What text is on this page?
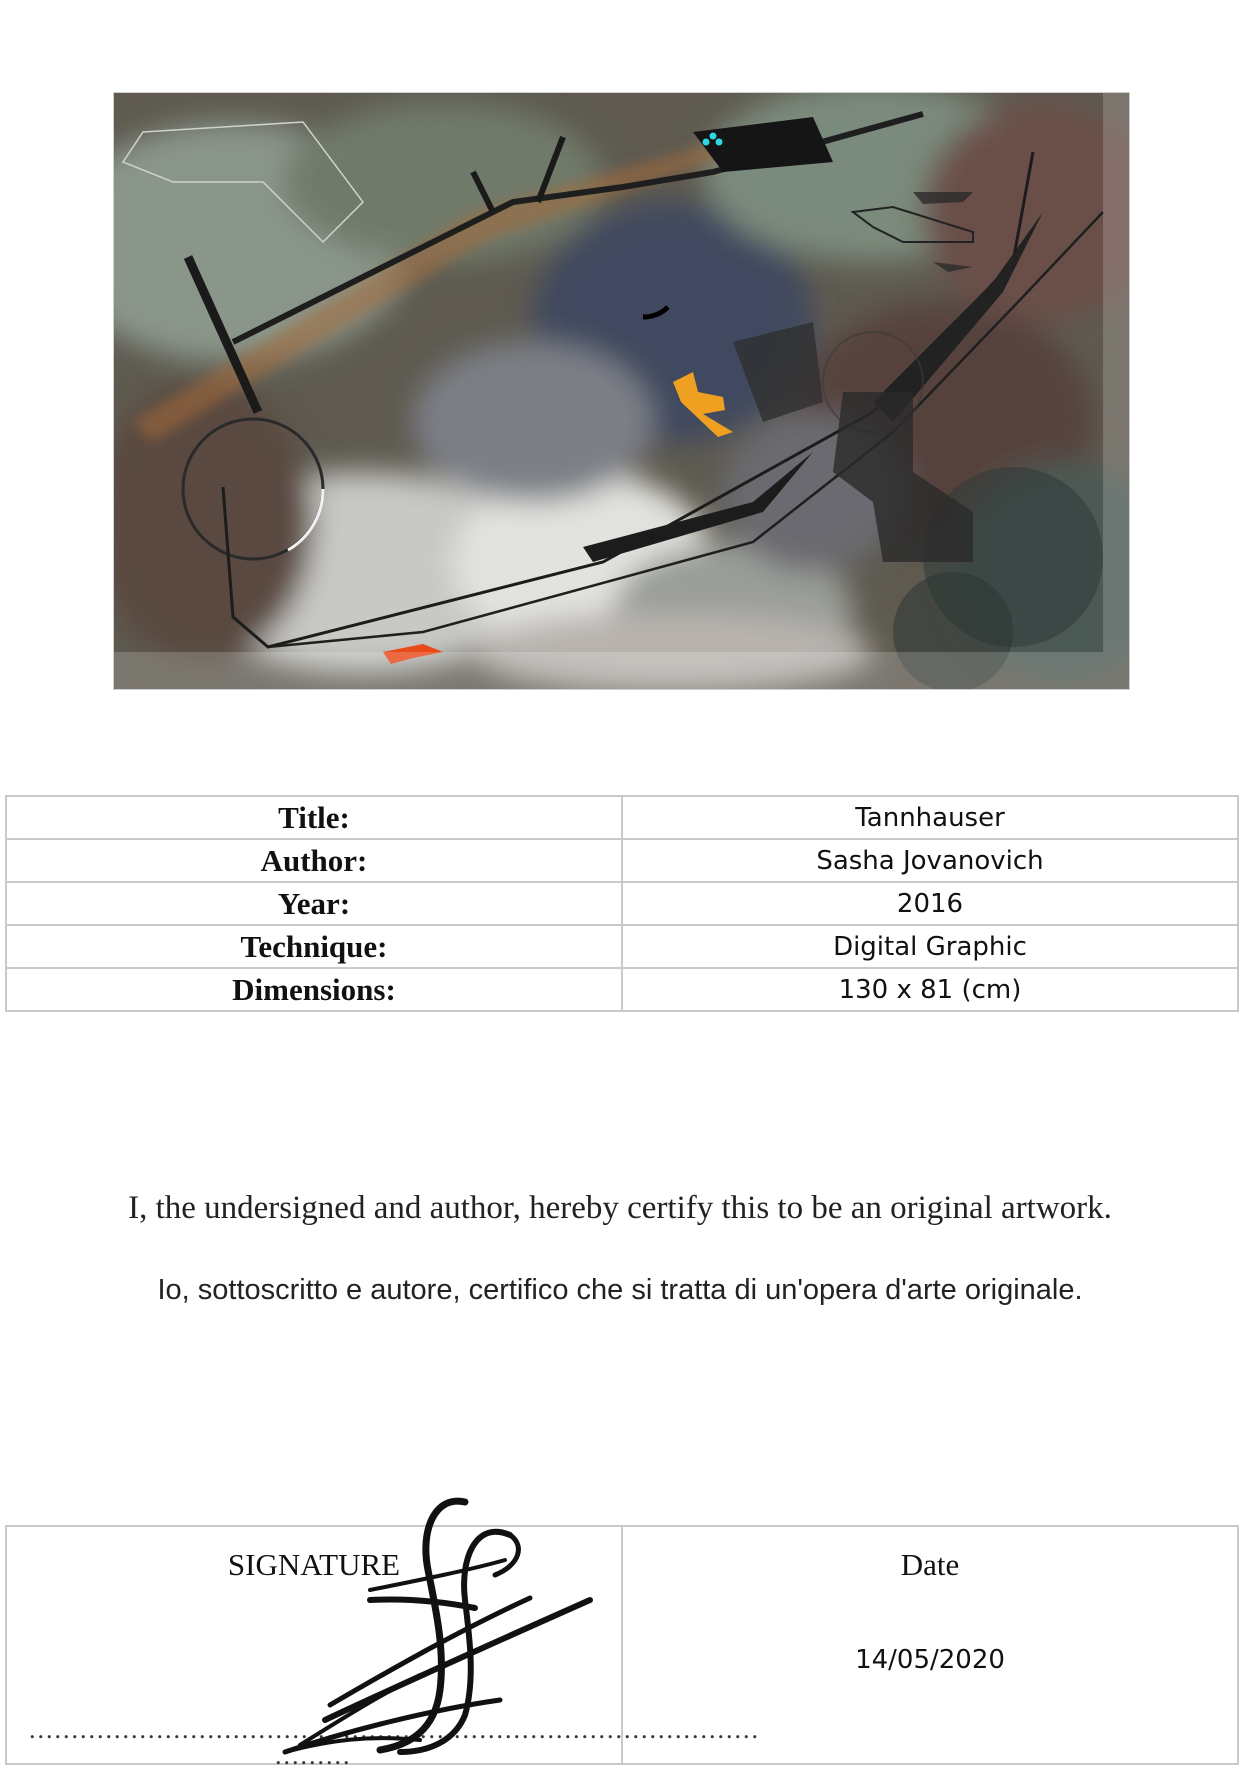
Title:	Tannhauser
Author:	Sasha Jovanovich
Year:	2016
Technique:	Digital Graphic
Dimensions:	130 x 81 (cm)
I, the undersigned and author, hereby certify this to be an original artwork.
Io, sottoscritto e autore, certifico che si tratta di un'opera d'arte originale.
SIGNATURE
......................................................................................
.........

Date
14/05/2020
